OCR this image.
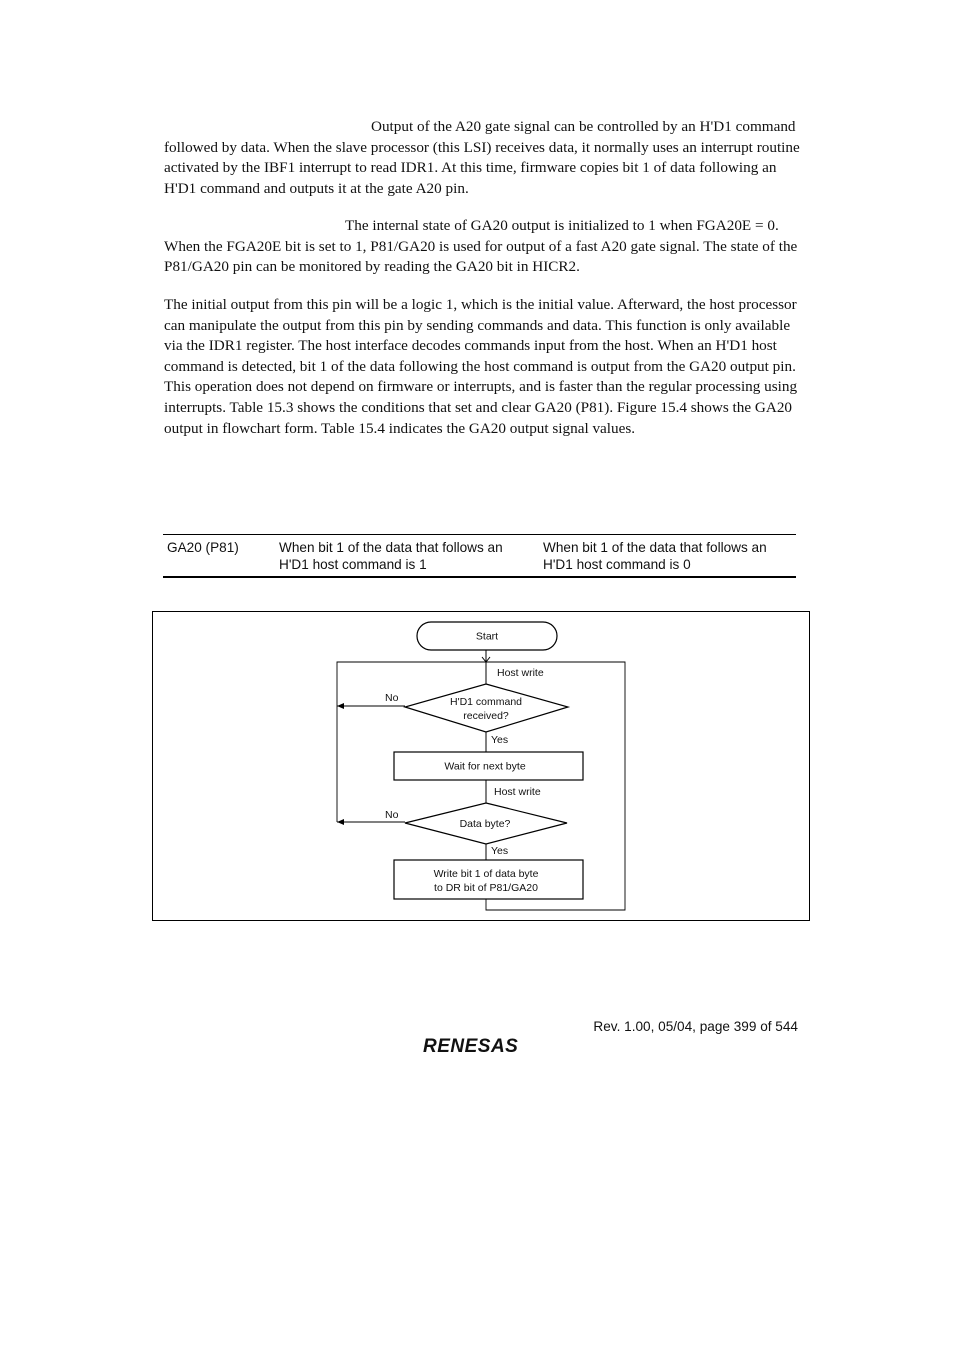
Output of the A20 gate signal can be controlled by an H'D1 command followed by data. When the slave processor (this LSI) receives data, it normally uses an interrupt routine activated by the IBF1 interrupt to read IDR1. At this time, firmware copies bit 1 of data following an H'D1 command and outputs it at the gate A20 pin.

The internal state of GA20 output is initialized to 1 when FGA20E = 0. When the FGA20E bit is set to 1, P81/GA20 is used for output of a fast A20 gate signal. The state of the P81/GA20 pin can be monitored by reading the GA20 bit in HICR2.

The initial output from this pin will be a logic 1, which is the initial value. Afterward, the host processor can manipulate the output from this pin by sending commands and data. This function is only available via the IDR1 register. The host interface decodes commands input from the host. When an H'D1 host command is detected, bit 1 of the data following the host command is output from the GA20 output pin. This operation does not depend on firmware or interrupts, and is faster than the regular processing using interrupts. Table 15.3 shows the conditions that set and clear GA20 (P81). Figure 15.4 shows the GA20 output in flowchart form. Table 15.4 indicates the GA20 output signal values.

GA20 (P81)	When bit 1 of the data that follows an
H'D1 host command is 1
When bit 1 of the data that follows an
H'D1 host command is 0
Start
Host write
H'D1 command
received?
No
Yes
Wait for next byte
Host write
Data byte?
No
Yes
Write bit 1 of data byte
to DR bit of P81/GA20
Rev. 1.00, 05/04, page 399 of 544
RENESAS
